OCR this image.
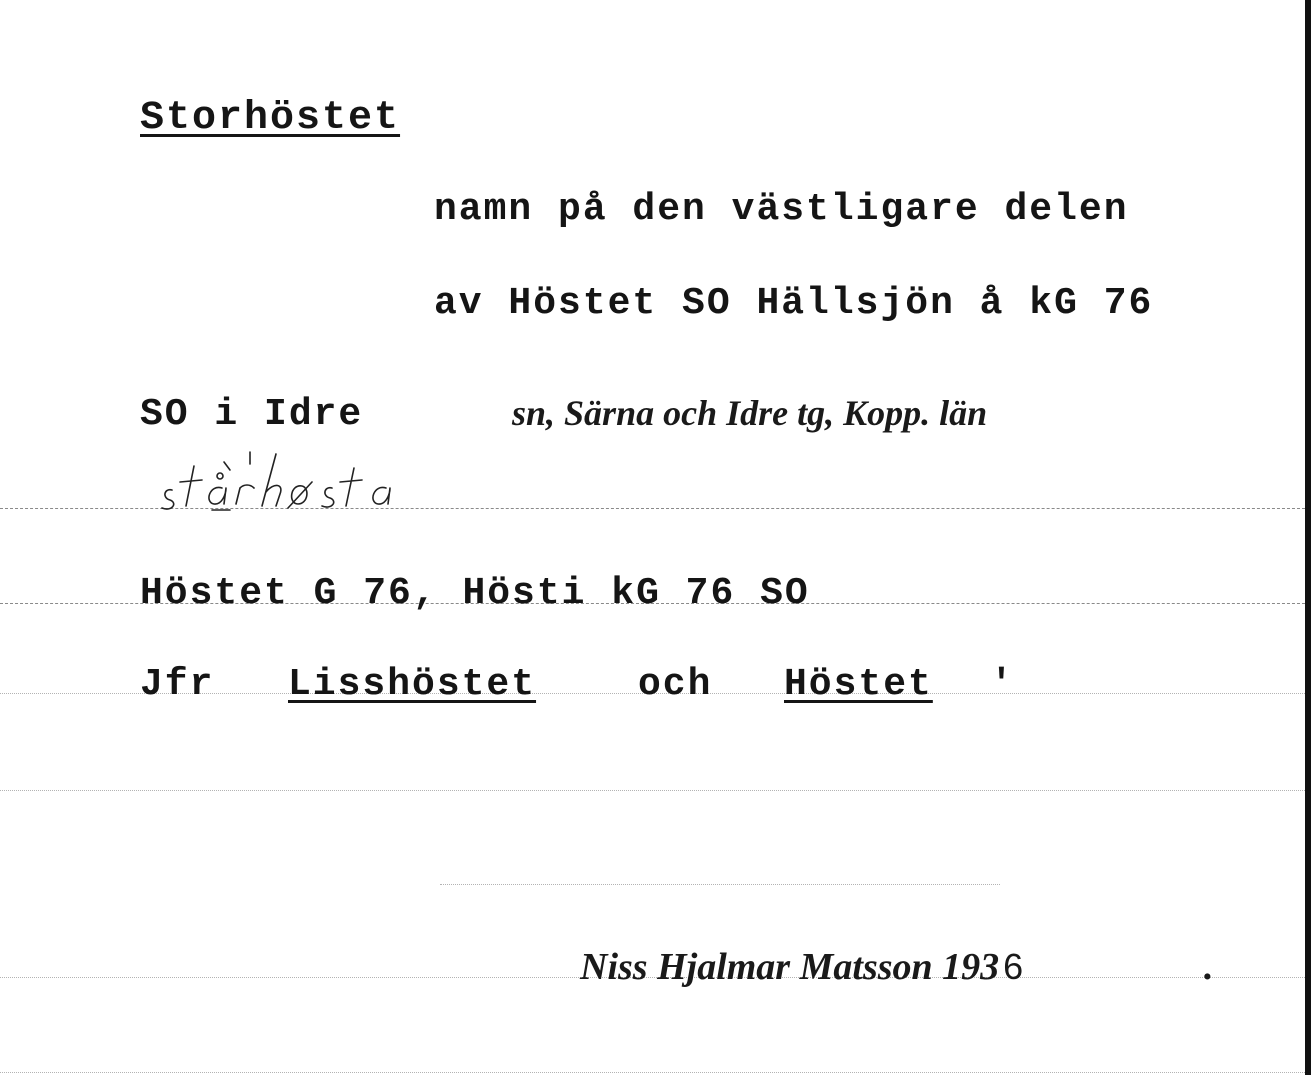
Storhöstet
namn på den västligare delen
av Höstet SO Hällsjön å kG 76
SO i Idre	sn, Särna och Idre tg, Kopp. län
Höstet G 76, Hösti kG 76 SO
Jfr Lisshöstet	och Höstet ʹ
Niss Hjalmar Matsson 193 6	.
